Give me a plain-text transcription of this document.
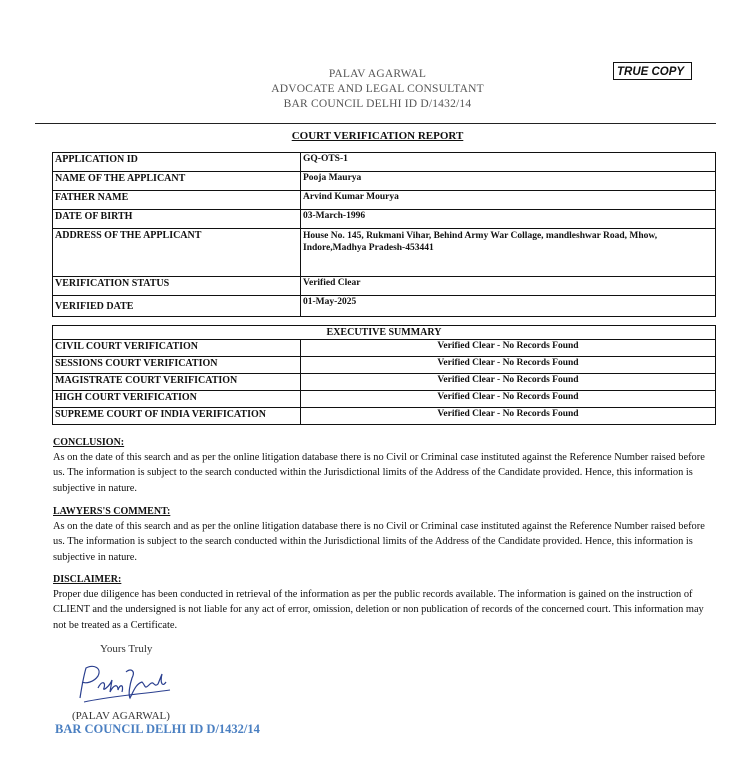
PALAV AGARWAL
ADVOCATE AND LEGAL CONSULTANT
BAR COUNCIL DELHI ID D/1432/14
TRUE COPY
COURT VERIFICATION REPORT
APPLICATION ID	GQ-OTS-1
NAME OF THE APPLICANT	Pooja Maurya
FATHER NAME	Arvind Kumar Mourya
DATE OF BIRTH	03-March-1996
ADDRESS OF THE APPLICANT	House No. 145, Rukmani Vihar, Behind Army War Collage, mandleshwar Road, Mhow, Indore,Madhya Pradesh-453441
VERIFICATION STATUS	Verified Clear
VERIFIED DATE	01-May-2025
EXECUTIVE SUMMARY	
CIVIL COURT VERIFICATION	Verified Clear - No Records Found
SESSIONS COURT VERIFICATION	Verified Clear - No Records Found
MAGISTRATE COURT VERIFICATION	Verified Clear - No Records Found
HIGH COURT VERIFICATION	Verified Clear - No Records Found
SUPREME COURT OF INDIA VERIFICATION	Verified Clear - No Records Found
CONCLUSION:
As on the date of this search and as per the online litigation database there is no Civil or Criminal case instituted against the Reference Number raised before us. The information is subject to the search conducted within the Jurisdictional limits of the Address of the Candidate provided. Hence, this information is subjective in nature.
LAWYERS'S COMMENT:
As on the date of this search and as per the online litigation database there is no Civil or Criminal case instituted against the Reference Number raised before us. The information is subject to the search conducted within the Jurisdictional limits of the Address of the Candidate provided. Hence, this information is subjective in nature.
DISCLAIMER:
Proper due diligence has been conducted in retrieval of the information as per the public records available. The information is gained on the instruction of CLIENT and the undersigned is not liable for any act of error, omission, deletion or non publication of records of the concerned court. This information may not be treated as a Certificate.
Yours Truly
(PALAV AGARWAL)
BAR COUNCIL DELHI ID D/1432/14
